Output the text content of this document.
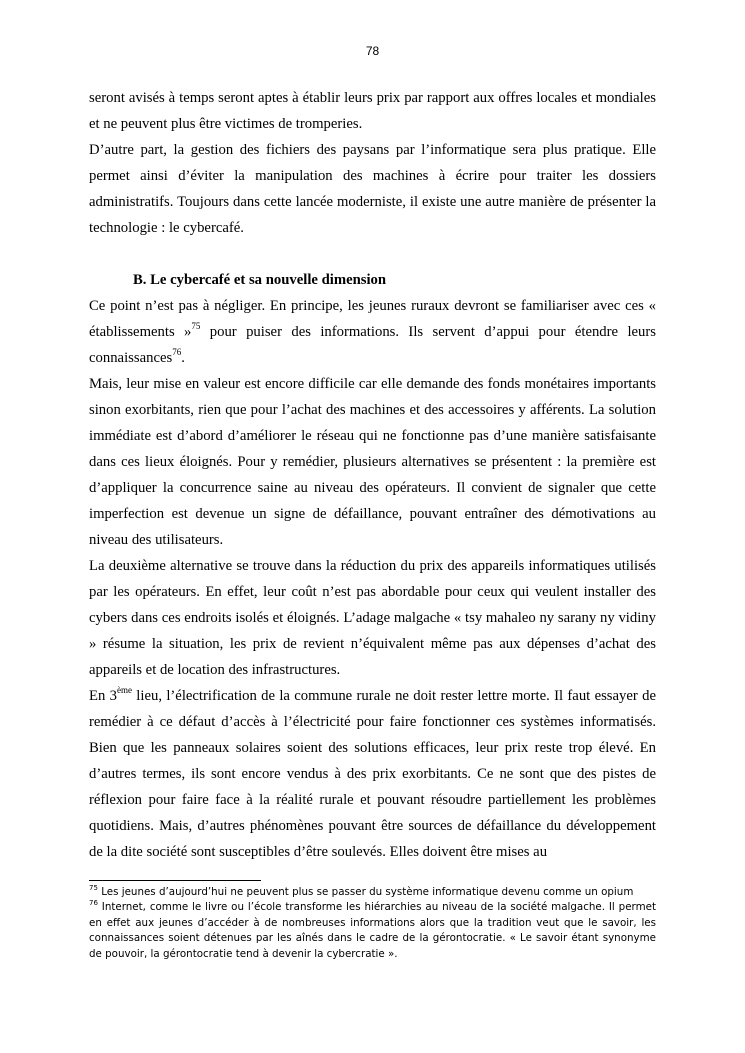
78

seront avisés à temps seront aptes à établir leurs prix par rapport aux offres locales et mondiales et ne peuvent plus être victimes de tromperies.

D’autre part, la gestion des fichiers des paysans par l’informatique sera plus pratique. Elle permet ainsi d’éviter la manipulation des machines à écrire pour traiter les dossiers administratifs. Toujours dans cette lancée moderniste, il existe une autre manière de présenter la technologie : le cybercafé.

B. Le cybercafé et sa nouvelle dimension

Ce point n’est pas à négliger. En principe, les jeunes ruraux devront se familiariser avec ces « établissements »$^{75}$ pour puiser des informations. Ils servent d’appui pour étendre leurs connaissances$^{76}$.

Mais, leur mise en valeur est encore difficile car elle demande des fonds monétaires importants sinon exorbitants, rien que pour l’achat des machines et des accessoires y afférents. La solution immédiate est d’abord d’améliorer le réseau qui ne fonctionne pas d’une manière satisfaisante dans ces lieux éloignés. Pour y remédier, plusieurs alternatives se présentent : la première est d’appliquer la concurrence saine au niveau des opérateurs. Il convient de signaler que cette imperfection est devenue un signe de défaillance, pouvant entraîner des démotivations au niveau des utilisateurs.

La deuxième alternative se trouve dans la réduction du prix des appareils informatiques utilisés par les opérateurs. En effet, leur coût n’est pas abordable pour ceux qui veulent installer des cybers dans ces endroits isolés et éloignés. L’adage malgache « tsy mahaleo ny sarany ny vidiny » résume la situation, les prix de revient n’équivalent même pas aux dépenses d’achat des appareils et de location des infrastructures.

En 3ème lieu, l’électrification de la commune rurale ne doit rester lettre morte. Il faut essayer de remédier à ce défaut d’accès à l’électricité pour faire fonctionner ces systèmes informatisés. Bien que les panneaux solaires soient des solutions efficaces, leur prix reste trop élevé. En d’autres termes, ils sont encore vendus à des prix exorbitants. Ce ne sont que des pistes de réflexion pour faire face à la réalité rurale et pouvant résoudre partiellement les problèmes quotidiens. Mais, d’autres phénomènes pouvant être sources de défaillance du développement de la dite société sont susceptibles d’être soulevés. Elles doivent être mises au

$^{75}$ Les jeunes d’aujourd’hui ne peuvent plus se passer du système informatique devenu comme un opium

$^{76}$ Internet, comme le livre ou l’école transforme les hiérarchies au niveau de la société malgache. Il permet en effet aux jeunes d’accéder à de nombreuses informations alors que la tradition veut que le savoir, les connaissances soient détenues par les aînés dans le cadre de la gérontocratie. « Le savoir étant synonyme de pouvoir, la gérontocratie tend à devenir la cybercratie ».
